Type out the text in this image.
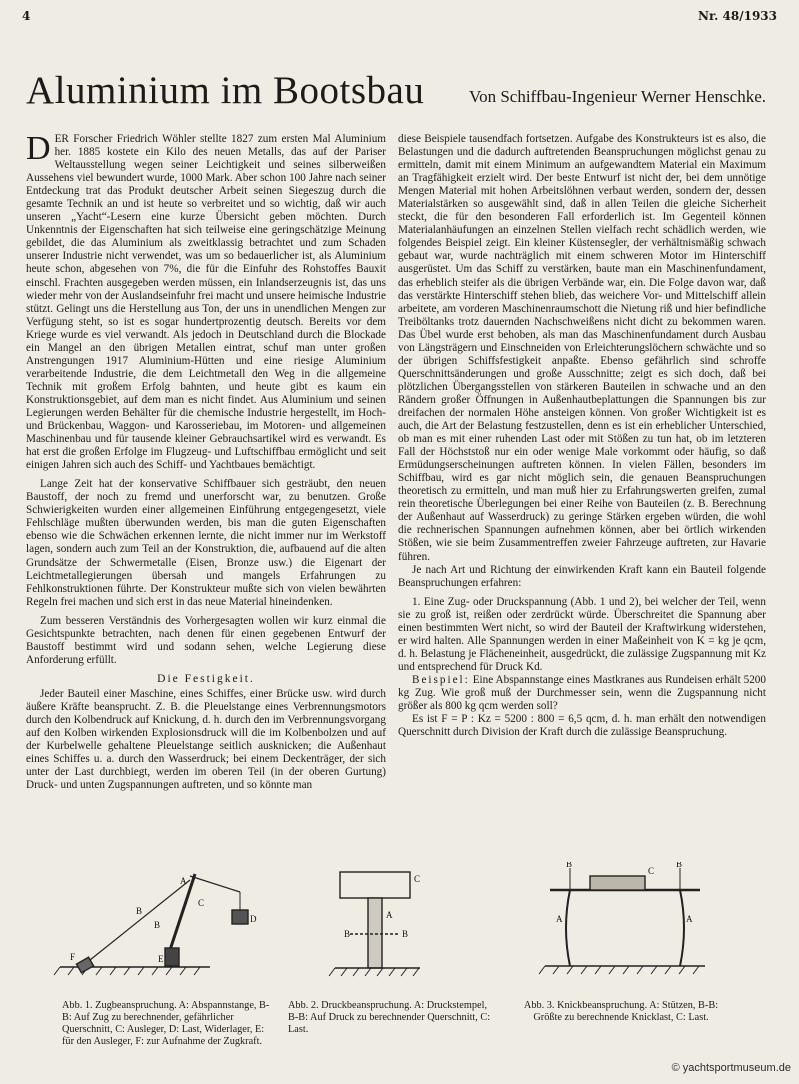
4	Nr. 48/1933
Aluminium im Bootsbau	Von Schiffbau-Ingenieur Werner Henschke.

DER Forscher Friedrich Wöhler stellte 1827 zum ersten Mal Aluminium her. 1885 kostete ein Kilo des neuen Metalls, das auf der Pariser Weltausstellung wegen seiner Leichtigkeit und seines silberweißen Aussehens viel bewundert wurde, 1000 Mark. Aber schon 100 Jahre nach seiner Entdeckung trat das Produkt deutscher Arbeit seinen Siegeszug durch die gesamte Technik an und ist heute so verbreitet und so wichtig, daß wir auch unseren „Yacht“-Lesern eine kurze Übersicht geben möchten. Durch Unkenntnis der Eigenschaften hat sich teilweise eine geringschätzige Meinung gebildet, die das Aluminium als zweitklassig betrachtet und zum Schaden unserer Industrie nicht verwendet, was um so bedauerlicher ist, als Aluminium heute schon, abgesehen von 7%, die für die Einfuhr des Rohstoffes Bauxit einschl. Frachten ausgegeben werden müssen, ein Inlandserzeugnis ist, das uns wieder mehr von der Auslandseinfuhr frei macht und unsere heimische Industrie stützt. Gelingt uns die Herstellung aus Ton, der uns in unendlichen Mengen zur Verfügung steht, so ist es sogar hundertprozentig deutsch. Bereits vor dem Kriege wurde es viel verwandt. Als jedoch in Deutschland durch die Blockade ein Mangel an den übrigen Metallen eintrat, schuf man unter großen Anstrengungen 1917 Aluminium-Hütten und eine riesige Aluminium verarbeitende Industrie, die dem Leichtmetall den Weg in die allgemeine Technik mit großem Erfolg bahnten, und heute gibt es kaum ein Konstruktionsgebiet, auf dem man es nicht findet. Aus Aluminium und seinen Legierungen werden Behälter für die chemische Industrie hergestellt, im Hoch- und Brückenbau, Waggon- und Karosseriebau, im Motoren- und allgemeinen Maschinenbau und für tausende kleiner Gebrauchsartikel wird es verwandt. Es hat erst die großen Erfolge im Flugzeug- und Luftschiffbau ermöglicht und seit einigen Jahren sich auch des Schiff- und Yachtbaues bemächtigt.

Lange Zeit hat der konservative Schiffbauer sich gesträubt, den neuen Baustoff, der noch zu fremd und unerforscht war, zu benutzen. Große Schwierigkeiten wurden einer allgemeinen Einführung entgegengesetzt, viele Fehlschläge mußten überwunden werden, bis man die guten Eigenschaften ebenso wie die Schwächen erkennen lernte, die nicht immer nur im Werkstoff lagen, sondern auch zum Teil an der Konstruktion, die, aufbauend auf die alten Grundsätze der Schwermetalle (Eisen, Bronze usw.) die Eigenart der Leichtmetallegierungen übersah und mangels Erfahrungen zu Fehlkonstruktionen führte. Der Konstrukteur mußte sich von vielen bewährten Regeln frei machen und sich erst in das neue Material hineindenken.

Zum besseren Verständnis des Vorhergesagten wollen wir kurz einmal die Gesichtspunkte betrachten, nach denen für einen gegebenen Entwurf der Baustoff bestimmt wird und sodann sehen, welche Legierung diese Anforderung erfüllt.

Die Festigkeit.

Jeder Bauteil einer Maschine, eines Schiffes, einer Brücke usw. wird durch äußere Kräfte beansprucht. Z. B. die Pleuelstange eines Verbrennungsmotors durch den Kolbendruck auf Knickung, d. h. durch den im Verbrennungsvorgang auf den Kolben wirkenden Explosionsdruck will die im Kolbenbolzen und auf der Kurbelwelle gehaltene Pleuelstange seitlich ausknicken; die Außenhaut eines Schiffes u. a. durch den Wasserdruck; bei einem Deckenträger, der sich unter der Last durchbiegt, werden im oberen Teil (in der oberen Gurtung) Druck- und unten Zugspannungen auftreten, und so könnte man

diese Beispiele tausendfach fortsetzen. Aufgabe des Konstrukteurs ist es also, die Belastungen und die dadurch auftretenden Beanspruchungen möglichst genau zu ermitteln, damit mit einem Minimum an aufgewandtem Material ein Maximum an Tragfähigkeit erzielt wird. Der beste Entwurf ist nicht der, bei dem unnötige Mengen Material mit hohen Arbeitslöhnen verbaut werden, sondern der, dessen Materialstärken so ausgewählt sind, daß in allen Teilen die gleiche Sicherheit steckt, die für den besonderen Fall erforderlich ist. Im Gegenteil können Materialanhäufungen an einzelnen Stellen vielfach recht schädlich werden, wie folgendes Beispiel zeigt. Ein kleiner Küstensegler, der verhältnismäßig schwach gebaut war, wurde nachträglich mit einem schweren Motor im Hinterschiff ausgerüstet. Um das Schiff zu verstärken, baute man ein Maschinenfundament, das erheblich steifer als die übrigen Verbände war, ein. Die Folge davon war, daß das verstärkte Hinterschiff stehen blieb, das weichere Vor- und Mittelschiff allein arbeitete, am vorderen Maschinenraumschott die Nietung riß und hier befindliche Treiböltanks trotz dauernden Nachschweißens nicht dicht zu bekommen waren. Das Übel wurde erst behoben, als man das Maschinenfundament durch Ausbau von Längsträgern und Einschneiden von Erleichterungslöchern schwächte und so der übrigen Schiffsfestigkeit anpaßte. Ebenso gefährlich sind schroffe Querschnittsänderungen und große Ausschnitte; zeigt es sich doch, daß bei plötzlichen Übergangsstellen von stärkeren Bauteilen in schwache und an den Rändern großer Öffnungen in Außenhautbeplattungen die Spannungen bis zur dreifachen der normalen Höhe ansteigen können. Von großer Wichtigkeit ist es auch, die Art der Belastung festzustellen, denn es ist ein erheblicher Unterschied, ob man es mit einer ruhenden Last oder mit Stößen zu tun hat, ob im letzteren Fall der Höchststoß nur ein oder wenige Male vorkommt oder häufig, so daß Ermüdungserscheinungen auftreten können. In vielen Fällen, besonders im Schiffbau, wird es gar nicht möglich sein, die genauen Beanspruchungen theoretisch zu ermitteln, und man muß hier zu Erfahrungswerten greifen, zumal rein theoretische Überlegungen bei einer Reihe von Bauteilen (z. B. Berechnung der Außenhaut auf Wasserdruck) zu geringe Stärken ergeben würden, die wohl die rechnerischen Spannungen aufnehmen können, aber bei örtlich wirkenden Stößen, wie sie beim Zusammentreffen zweier Fahrzeuge auftreten, zur Havarie führen.

Je nach Art und Richtung der einwirkenden Kraft kann ein Bauteil folgende Beanspruchungen erfahren:

1. Eine Zug- oder Druckspannung (Abb. 1 und 2), bei welcher der Teil, wenn sie zu groß ist, reißen oder zerdrückt würde. Überschreitet die Spannung aber einen bestimmten Wert nicht, so wird der Bauteil der Kraftwirkung widerstehen, er wird halten. Alle Spannungen werden in einer Maßeinheit von K = kg je qcm, d. h. Belastung je Flächeneinheit, ausgedrückt, die zulässige Zugspannung mit Kz und entsprechend für Druck Kd.

Beispiel: Eine Abspannstange eines Mastkranes aus Rundeisen erhält 5200 kg Zug. Wie groß muß der Durchmesser sein, wenn die Zugspannung nicht größer als 800 kg qcm werden soll?

Es ist F = P : Kz = 5200 : 800 = 6,5 qcm, d. h. man erhält den notwendigen Querschnitt durch Division der Kraft durch die zulässige Beanspruchung.

A
B
B
C
D
E
F
A
B	B
C
A	A
B	B
C
Abb. 1. Zugbeanspruchung. A: Abspannstange, B-B: Auf Zug zu berechnender, gefährlicher Querschnitt, C: Ausleger, D: Last, Widerlager, E: für den Ausleger, F: zur Aufnahme der Zugkraft.
Abb. 2. Druckbeanspruchung. A: Druckstempel, B-B: Auf Druck zu berechnender Querschnitt, C: Last.
Abb. 3. Knickbeanspruchung. A: Stützen, B-B: Größte zu berechnende Knicklast, C: Last.
© yachtsportmuseum.de
